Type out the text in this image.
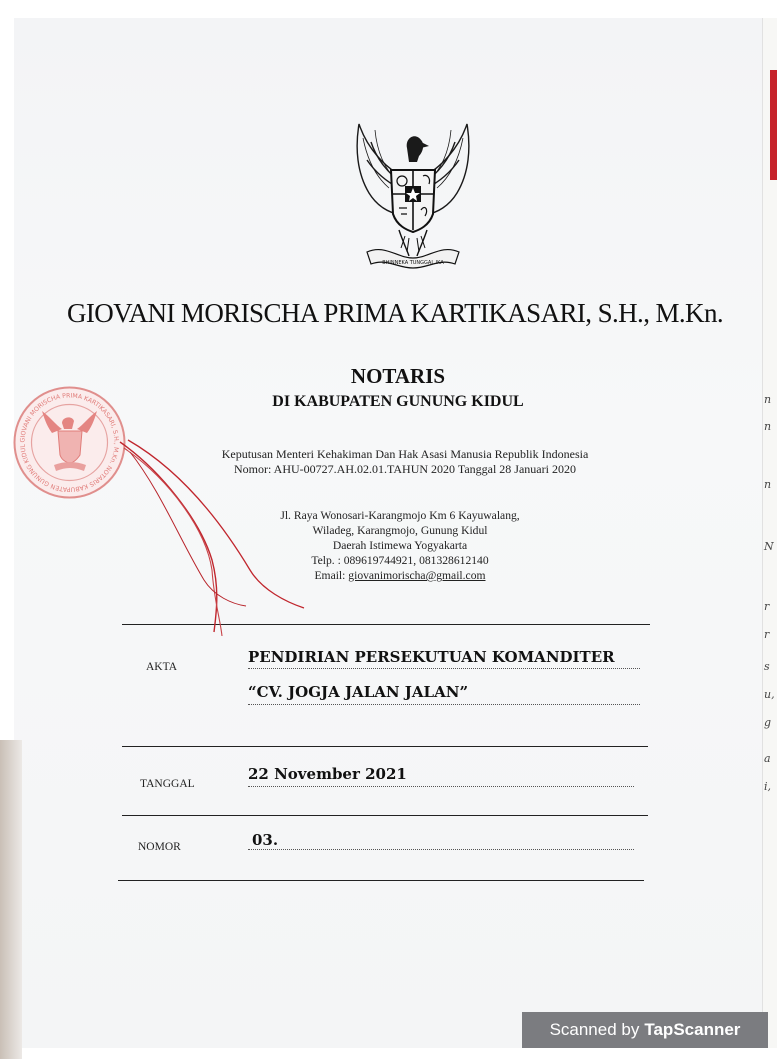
n
n
n
N
r
s
u,
g
a
i,
r
BHINNEKA TUNGGAL IKA
GIOVANI MORISCHA PRIMA KARTIKASARI, S.H., M.Kn.
NOTARIS
DI KABUPATEN GUNUNG KIDUL
Keputusan Menteri Kehakiman Dan Hak Asasi Manusia Republik Indonesia
Nomor: AHU-00727.AH.02.01.TAHUN 2020 Tanggal 28 Januari 2020
Jl. Raya Wonosari-Karangmojo Km 6 Kayuwalang,
Wiladeg, Karangmojo, Gunung Kidul
Daerah Istimewa Yogyakarta
Telp. : 089619744921, 081328612140
Email: giovanimorischa@gmail.com
AKTA
PENDIRIAN PERSEKUTUAN KOMANDITER
“CV. JOGJA JALAN JALAN”
TANGGAL
22 November 2021
NOMOR	03.
GIOVANI MORISCHA PRIMA KARTIKASARI, S.H., M.Kn. NOTARIS KABUPATEN GUNUNG KIDUL
Scanned by TapScanner
